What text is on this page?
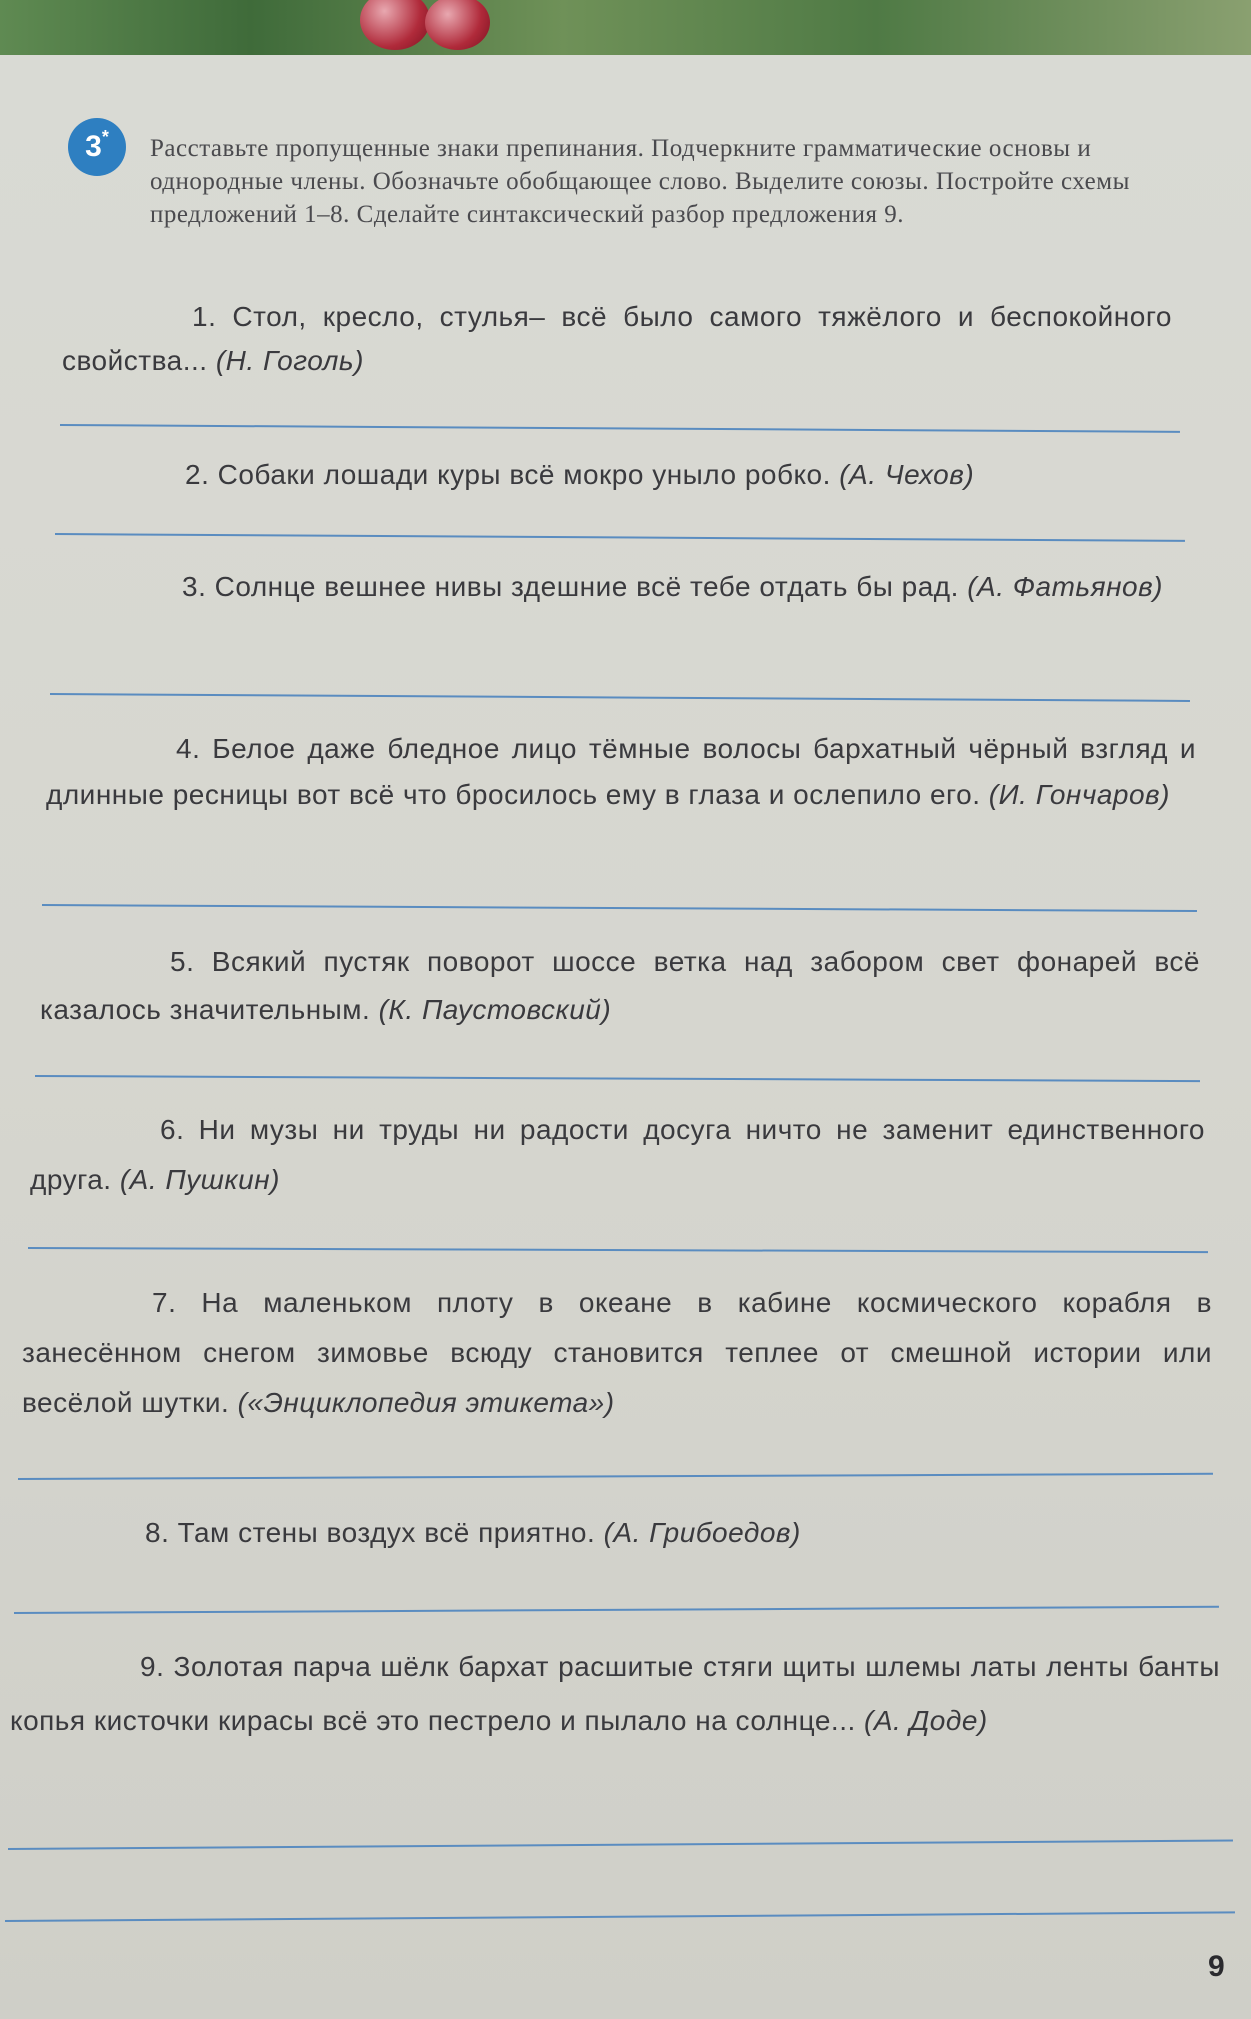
3 * Расставьте пропущенные знаки препинания. Подчеркните грамматические основы и однородные члены. Обозначьте обобщающее слово. Выделите союзы. Постройте схемы предложений 1–8. Сделайте синтаксический разбор предложения 9.
1. Стол, кресло, стулья– всё было самого тяжёлого и беспокойного свойства... (Н. Гоголь)
2. Собаки лошади куры всё мокро уныло робко. (А. Чехов)
3. Солнце вешнее нивы здешние всё тебе отдать бы рад. (А. Фатьянов)
4. Белое даже бледное лицо тёмные волосы бархатный чёрный взгляд и длинные ресницы вот всё что бросилось ему в глаза и ослепило его. (И. Гончаров)
5. Всякий пустяк поворот шоссе ветка над забором свет фонарей всё казалось значительным. (К. Паустовский)
6. Ни музы ни труды ни радости досуга ничто не заменит единственного друга. (А. Пушкин)
7. На маленьком плоту в океане в кабине космического корабля в занесённом снегом зимовье всюду становится теплее от смешной истории или весёлой шутки. («Энциклопедия этикета»)
8. Там стены воздух всё приятно. (А. Грибоедов)
9. Золотая парча шёлк бархат расшитые стяги щиты шлемы латы ленты банты копья кисточки кирасы всё это пестрело и пылало на солнце... (А. Доде)
9
